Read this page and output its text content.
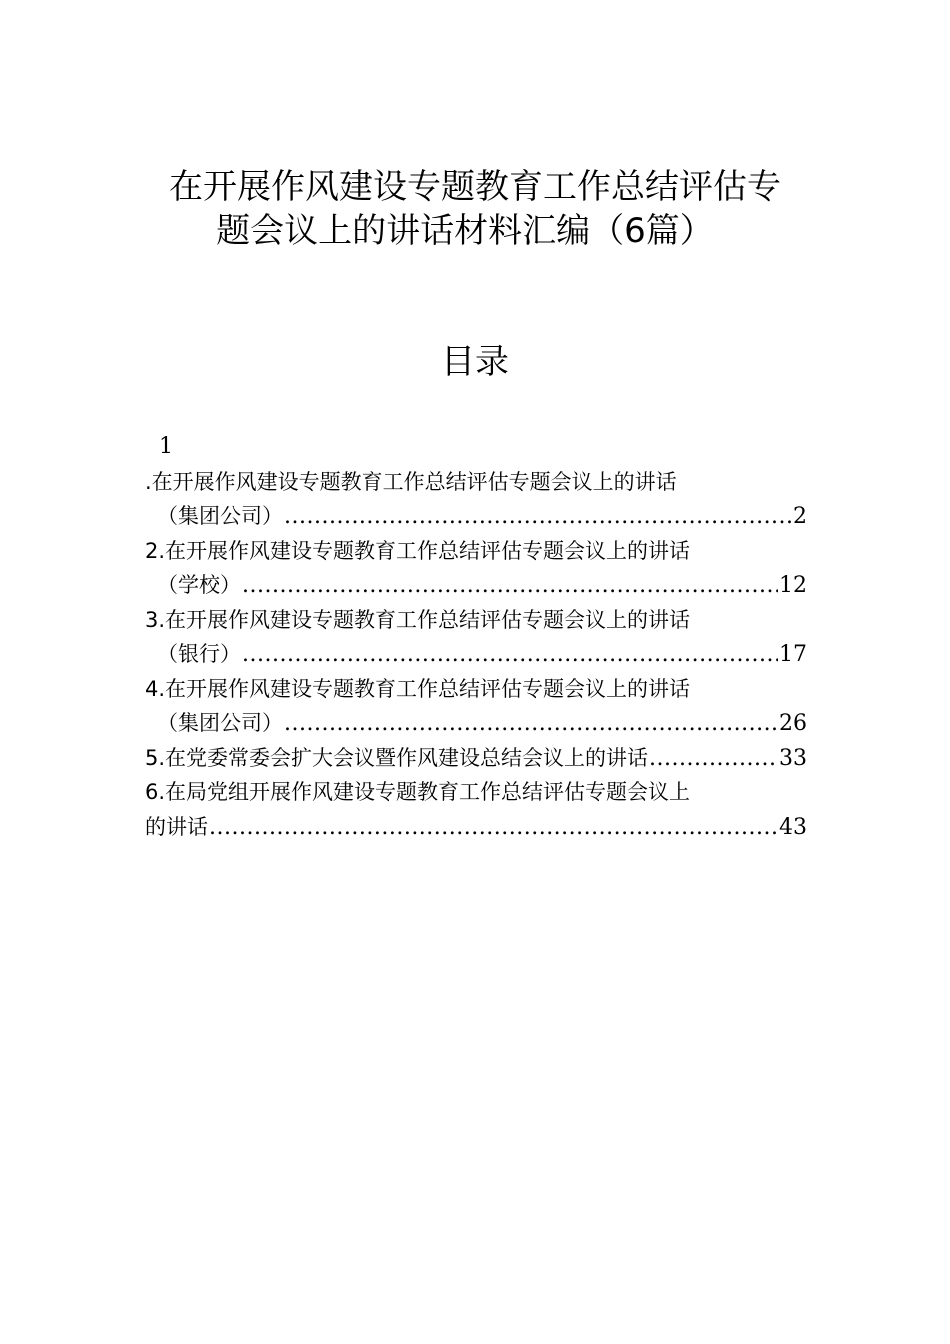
在开展作风建设专题教育工作总结评估专
题会议上的讲话材料汇编（6篇）
目录
1
.在开展作风建设专题教育工作总结评估专题会议上的讲话
（集团公司） .....	2
2.在开展作风建设专题教育工作总结评估专题会议上的讲话
（学校） .....	12
3.在开展作风建设专题教育工作总结评估专题会议上的讲话
（银行） .....	17
4.在开展作风建设专题教育工作总结评估专题会议上的讲话
（集团公司） .....	26
5.在党委常委会扩大会议暨作风建设总结会议上的讲话 .....	33
6.在局党组开展作风建设专题教育工作总结评估专题会议上
的讲话 .....	43
